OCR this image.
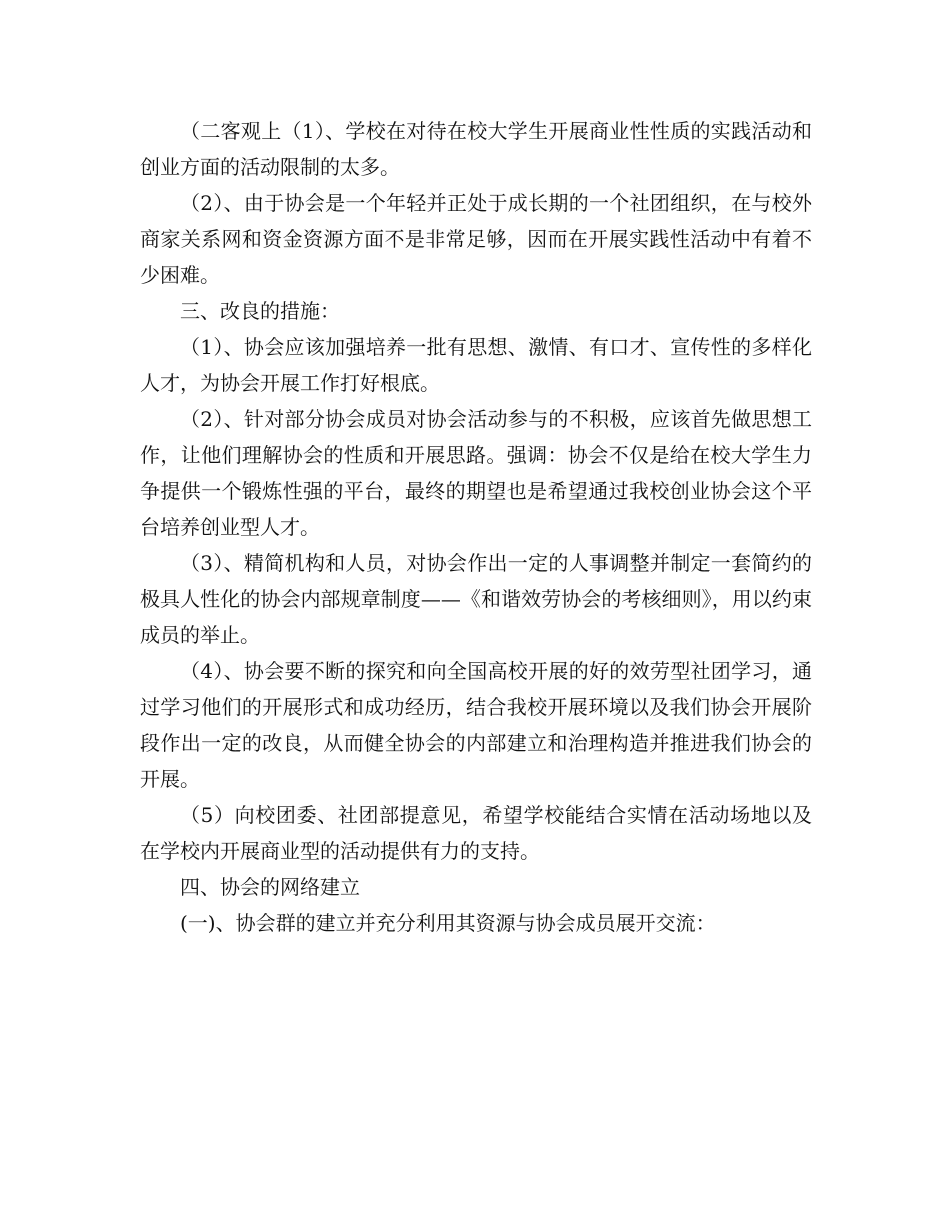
（二客观上（1）、学校在对待在校大学生开展商业性性质的实践活动和创业方面的活动限制的太多。

（2）、由于协会是一个年轻并正处于成长期的一个社团组织，在与校外商家关系网和资金资源方面不是非常足够，因而在开展实践性活动中有着不少困难。

三、改良的措施：

（1）、协会应该加强培养一批有思想、激情、有口才、宣传性的多样化人才，为协会开展工作打好根底。

（2）、针对部分协会成员对协会活动参与的不积极，应该首先做思想工作，让他们理解协会的性质和开展思路。强调：协会不仅是给在校大学生力争提供一个锻炼性强的平台，最终的期望也是希望通过我校创业协会这个平台培养创业型人才。

（3）、精简机构和人员，对协会作出一定的人事调整并制定一套简约的极具人性化的协会内部规章制度——《和谐效劳协会的考核细则》，用以约束成员的举止。

（4）、协会要不断的探究和向全国高校开展的好的效劳型社团学习，通过学习他们的开展形式和成功经历，结合我校开展环境以及我们协会开展阶段作出一定的改良，从而健全协会的内部建立和治理构造并推进我们协会的开展。

（5）向校团委、社团部提意见，希望学校能结合实情在活动场地以及在学校内开展商业型的活动提供有力的支持。

四、协会的网络建立

(一)、协会群的建立并充分利用其资源与协会成员展开交流：
